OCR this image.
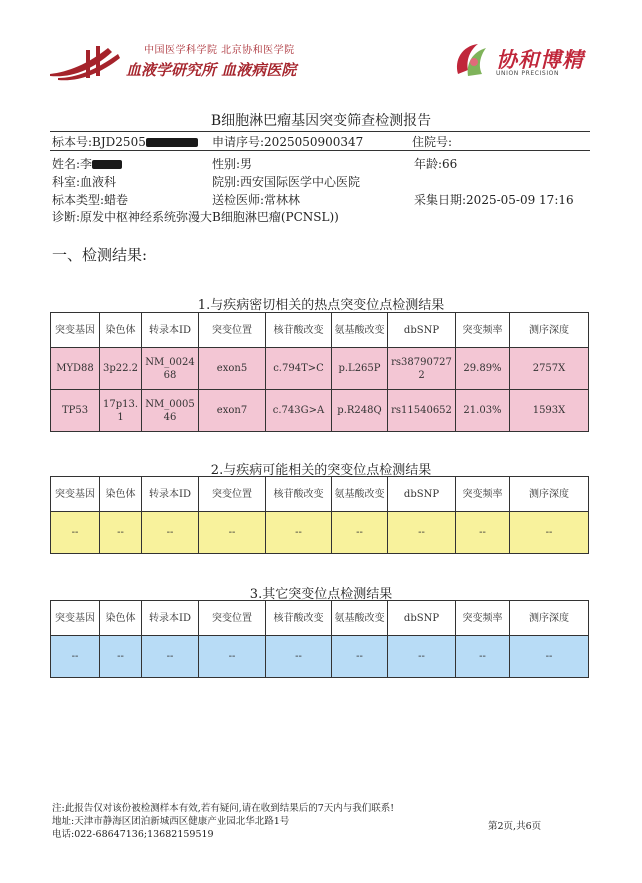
中国医学科学院 北京协和医学院
血液学研究所 血液病医院	协和博精
UNION PRECISION
B细胞淋巴瘤基因突变筛查检测报告
标本号:BJD2505	申请序号:2025050900347	住院号:
姓名:李	性别:男	年龄:66
科室:血液科	院别:西安国际医学中心医院
标本类型:蜡卷	送检医师:常林林	采集日期:2025-05-09 17:16
诊断:原发中枢神经系统弥漫大B细胞淋巴瘤(PCNSL))
一、检测结果:
1.与疾病密切相关的热点突变位点检测结果
突变基因	染色体	转录本ID	突变位置	核苷酸改变	氨基酸改变	dbSNP	突变频率	测序深度
MYD88	3p22.2	NM_002468	exon5	c.794T>C	p.L265P	rs387907272	29.89%	2757X
TP53	17p13.1	NM_000546	exon7	c.743G>A	p.R248Q	rs11540652	21.03%	1593X
2.与疾病可能相关的突变位点检测结果
突变基因	染色体	转录本ID	突变位置	核苷酸改变	氨基酸改变	dbSNP	突变频率	测序深度
--	--	--	--	--	--	--	--	--
3.其它突变位点检测结果
突变基因	染色体	转录本ID	突变位置	核苷酸改变	氨基酸改变	dbSNP	突变频率	测序深度
--	--	--	--	--	--	--	--	--
注:此报告仅对该份被检测样本有效,若有疑问,请在收到结果后的7天内与我们联系!
地址:天津市静海区团泊新城西区健康产业园北华北路1号	第2页,共6页
电话:022-68647136;13682159519
